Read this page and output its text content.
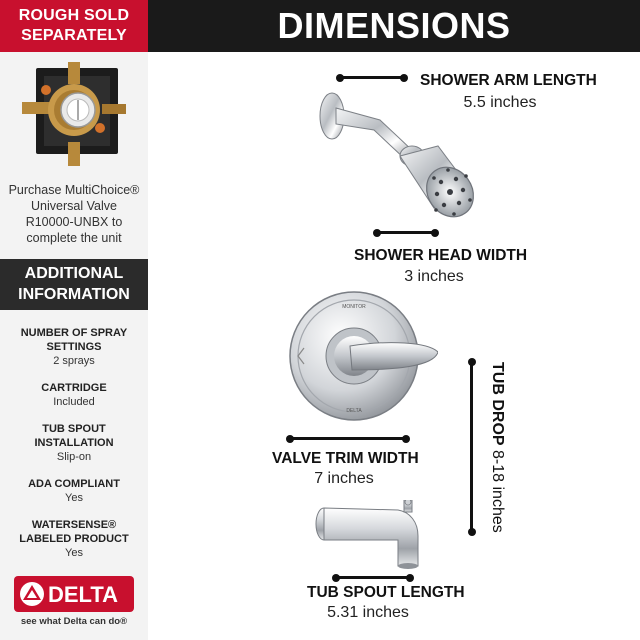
ROUGH SOLD
SEPARATELY
Purchase MultiChoice®
Universal Valve
R10000-UNBX to
complete the unit
ADDITIONAL
INFORMATION
NUMBER OF SPRAY
SETTINGS
2 sprays
CARTRIDGE
Included
TUB SPOUT
INSTALLATION
Slip-on
ADA COMPLIANT
Yes
WATERSENSE®
LABELED PRODUCT
Yes
DELTA
see what Delta can do®
DIMENSIONS
SHOWER ARM LENGTH
5.5 inches
SHOWER HEAD WIDTH
3 inches
MONITOR
DELTA
VALVE TRIM WIDTH
7 inches
TUB DROP 8-18 inches
TUB SPOUT LENGTH
5.31 inches
